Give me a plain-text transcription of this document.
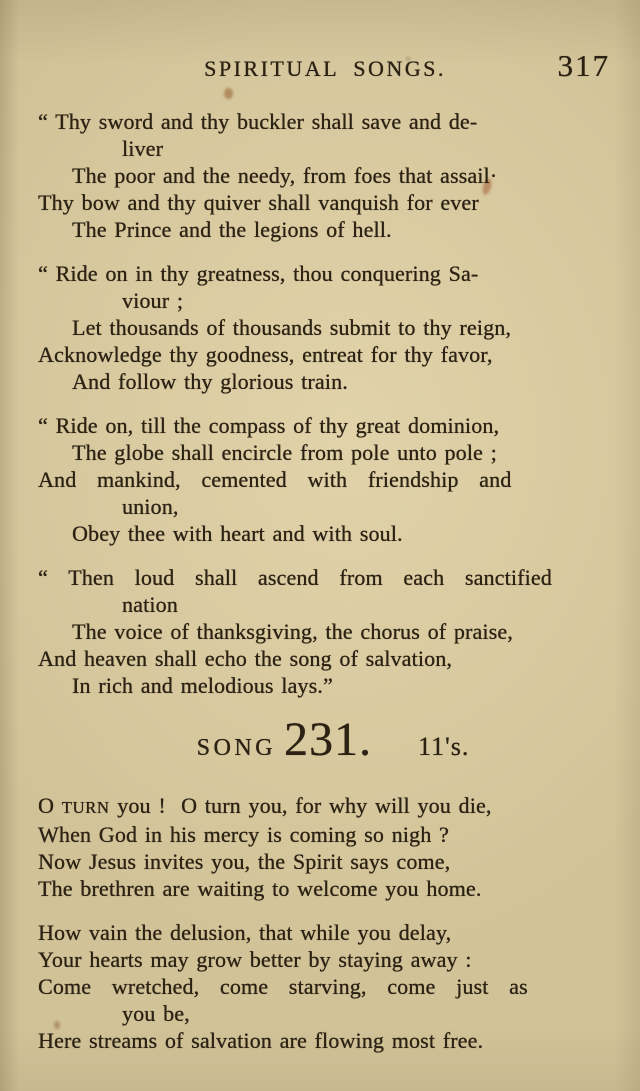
SPIRITUAL SONGS.	317
“ Thy sword and thy buckler shall save and de-
liver
The poor and the needy, from foes that assail·
Thy bow and thy quiver shall vanquish for ever
The Prince and the legions of hell.
“ Ride on in thy greatness, thou conquering Sa-
viour ;
Let thousands of thousands submit to thy reign,
Acknowledge thy goodness, entreat for thy favor,
And follow thy glorious train.
“ Ride on, till the compass of thy great dominion,
The globe shall encircle from pole unto pole ;
And mankind, cemented with friendship and
union,
Obey thee with heart and with soul.
“ Then loud shall ascend from each sanctified
nation
The voice of thanksgiving, the chorus of praise,
And heaven shall echo the song of salvation,
In rich and melodious lays.”
SONG 231. 11's.
O TURN you !  O turn you, for why will you die,
When God in his mercy is coming so nigh ?
Now Jesus invites you, the Spirit says come,
The brethren are waiting to welcome you home.
How vain the delusion, that while you delay,
Your hearts may grow better by staying away :
Come wretched, come starving, come just as
you be,
Here streams of salvation are flowing most free.
